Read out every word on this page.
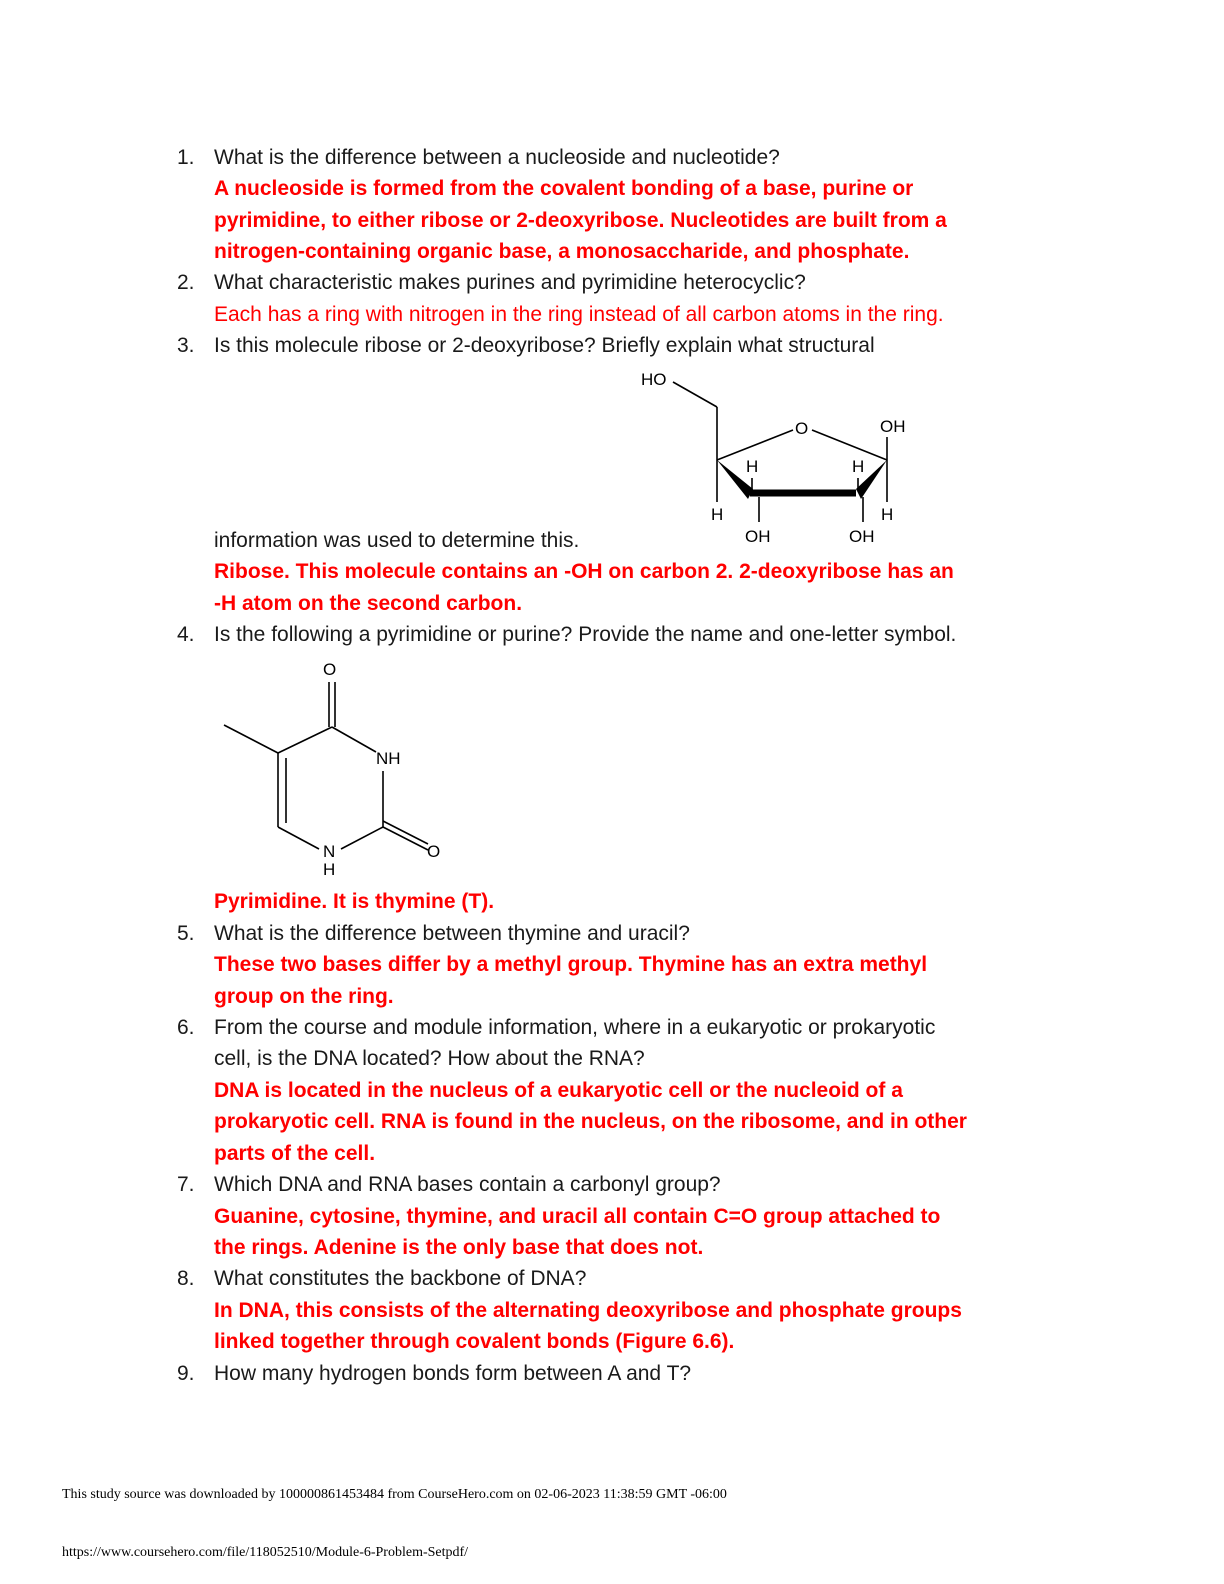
1. What is the difference between a nucleoside and nucleotide?
A nucleoside is formed from the covalent bonding of a base, purine or
pyrimidine, to either ribose or 2-deoxyribose. Nucleotides are built from a
nitrogen-containing organic base, a monosaccharide, and phosphate.
2. What characteristic makes purines and pyrimidine heterocyclic?
Each has a ring with nitrogen in the ring instead of all carbon atoms in the ring.
3. Is this molecule ribose or 2-deoxyribose? Briefly explain what structural
HO
O	OH
H	H
H	H
OH	OH
information was used to determine this.
Ribose. This molecule contains an -OH on carbon 2. 2-deoxyribose has an
-H atom on the second carbon.
4. Is the following a pyrimidine or purine? Provide the name and one-letter symbol.
O
NH
O
N
H
Pyrimidine. It is thymine (T).
5. What is the difference between thymine and uracil?
These two bases differ by a methyl group. Thymine has an extra methyl
group on the ring.
6. From the course and module information, where in a eukaryotic or prokaryotic
cell, is the DNA located? How about the RNA?
DNA is located in the nucleus of a eukaryotic cell or the nucleoid of a
prokaryotic cell. RNA is found in the nucleus, on the ribosome, and in other
parts of the cell.
7. Which DNA and RNA bases contain a carbonyl group?
Guanine, cytosine, thymine, and uracil all contain C=O group attached to
the rings. Adenine is the only base that does not.
8. What constitutes the backbone of DNA?
In DNA, this consists of the alternating deoxyribose and phosphate groups
linked together through covalent bonds (Figure 6.6).
9. How many hydrogen bonds form between A and T?
This study source was downloaded by 100000861453484 from CourseHero.com on 02-06-2023 11:38:59 GMT -06:00
https://www.coursehero.com/file/118052510/Module-6-Problem-Setpdf/
